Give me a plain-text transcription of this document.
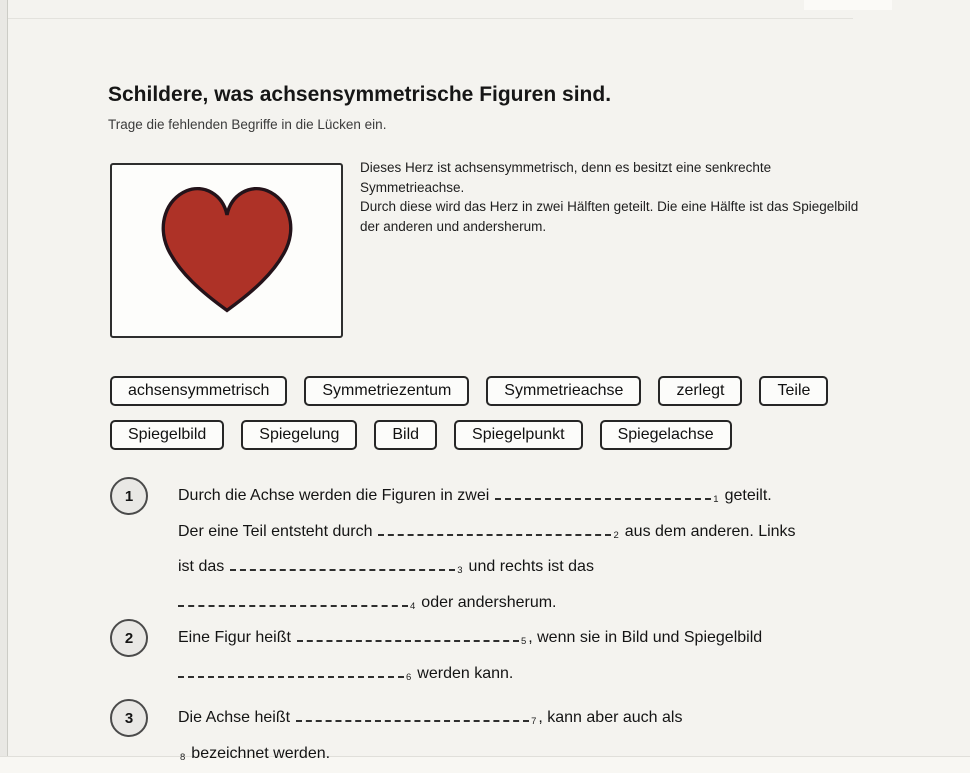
Schildere, was achsensymmetrische Figuren sind.
Trage die fehlenden Begriffe in die Lücken ein.
Dieses Herz ist achsensymmetrisch, denn es besitzt eine senkrechte Symmetrieachse.
Durch diese wird das Herz in zwei Hälften geteilt. Die eine Hälfte ist das Spiegelbild der anderen und andersherum.
achsensymmetrisch	Symmetriezentum	Symmetrieachse	zerlegt	Teile
Spiegelbild	Spiegelung	Bild	Spiegelpunkt	Spiegelachse
1	Durch die Achse werden die Figuren in zwei	1 geteilt.
Der eine Teil entsteht durch	2 aus dem anderen. Links
ist das	3 und rechts ist das
4 oder andersherum.
2	Eine Figur heißt	5 , wenn sie in Bild und Spiegelbild
6 werden kann.
3	Die Achse heißt	7 , kann aber auch als
8 bezeichnet werden.
